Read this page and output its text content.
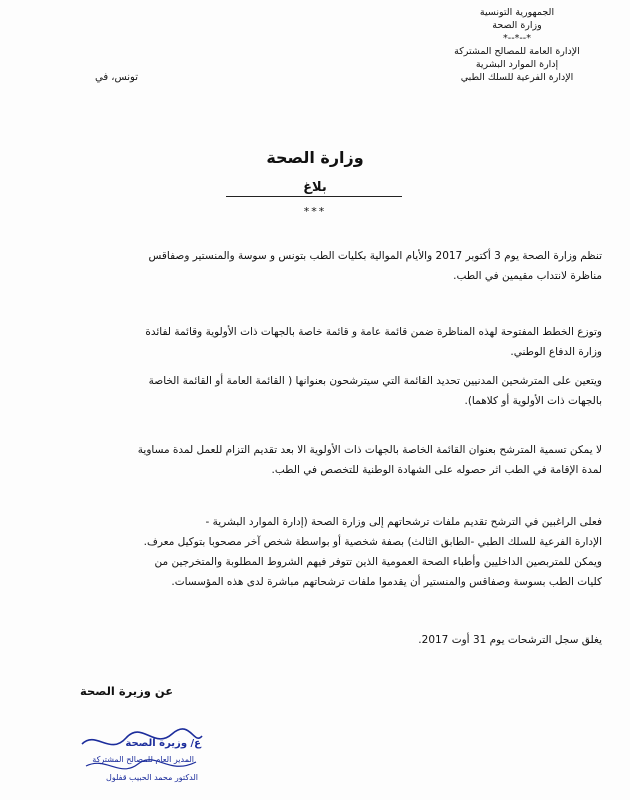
الجمهورية التونسية
وزارة الصحة
*--*--*
الإدارة العامة للمصالح المشتركة
إدارة الموارد البشرية
الإدارة الفرعية للسلك الطبي
تونس، في
وزارة الصحة
بلاغ
***
تنظم وزارة الصحة يوم 3 أكتوبر 2017 والأيام الموالية بكليات الطب بتونس و سوسة والمنستير وصفاقس
مناظرة لانتداب مقيمين في الطب.
وتوزع الخطط المفتوحة لهذه المناظرة ضمن قائمة عامة و قائمة خاصة بالجهات ذات الأولوية وقائمة لفائدة
وزارة الدفاع الوطني.
ويتعين على المترشحين المدنيين تحديد القائمة التي سيترشحون بعنوانها ( القائمة العامة أو القائمة الخاصة
بالجهات ذات الأولوية أو كلاهما).
لا يمكن تسمية المترشح بعنوان القائمة الخاصة بالجهات ذات الأولوية الا بعد تقديم التزام للعمل لمدة مساوية
لمدة الإقامة في الطب اثر حصوله على الشهادة الوطنية للتخصص في الطب.
فعلى الراغبين في الترشح تقديم ملفات ترشحاتهم إلى وزارة الصحة (إدارة الموارد البشرية -
الإدارة الفرعية للسلك الطبي -الطابق الثالث) بصفة شخصية أو بواسطة شخص آخر مصحوبا بتوكيل معرف.
ويمكن للمتربصين الداخليين وأطباء الصحة العمومية الذين تتوفر فيهم الشروط المطلوبة والمتخرجين من
كليات الطب بسوسة وصفاقس والمنستير أن يقدموا ملفات ترشحاتهم مباشرة لدى هذه المؤسسات.
يغلق سجل الترشحات يوم 31 أوت 2017.
عن وزيرة الصحة
ع/ وزيرة الصحة
المدير العام للمصالح المشتركة
الدكتور محمد الحبيب قفلول
